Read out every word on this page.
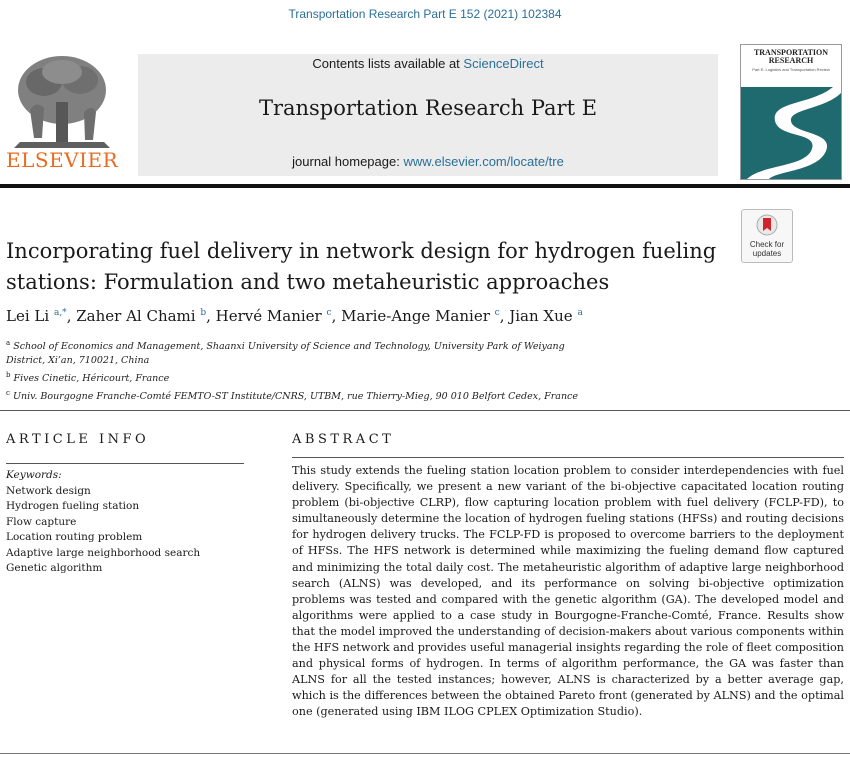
Transportation Research Part E 152 (2021) 102384
ELSEVIER
Contents lists available at ScienceDirect
Transportation Research Part E
journal homepage: www.elsevier.com/locate/tre
TRANSPORTATION
RESEARCH
Part E: Logistics and Transportation Review
Check for
updates
Incorporating fuel delivery in network design for hydrogen fueling stations: Formulation and two metaheuristic approaches
Lei Li $^{a,*}$, Zaher Al Chami $^b$, Hervé Manier $^c$, Marie-Ange Manier $^c$, Jian Xue $^a$
$^a$ School of Economics and Management, Shaanxi University of Science and Technology, University Park of Weiyang
District, Xi’an, 710021, China
$^b$ Fives Cinetic, Héricourt, France
$^c$ Univ. Bourgogne Franche-Comté FEMTO-ST Institute/CNRS, UTBM, rue Thierry-Mieg, 90 010 Belfort Cedex, France
ARTICLE INFO	ABSTRACT
Keywords:
Network design
Hydrogen fueling station
Flow capture
Location routing problem
Adaptive large neighborhood search
Genetic algorithm

This study extends the fueling station location problem to consider interdependencies with fuel delivery. Specifically, we present a new variant of the bi-objective capacitated location routing problem (bi-objective CLRP), flow capturing location problem with fuel delivery (FCLP-FD), to simultaneously determine the location of hydrogen fueling stations (HFSs) and routing decisions for hydrogen delivery trucks. The FCLP-FD is proposed to overcome barriers to the deployment of HFSs. The HFS network is determined while maximizing the fueling demand flow captured and minimizing the total daily cost. The metaheuristic algorithm of adaptive large neighborhood search (ALNS) was developed, and its performance on solving bi-objective optimization problems was tested and compared with the genetic algorithm (GA). The developed model and algorithms were applied to a case study in Bourgogne-Franche-Comté, France. Results show that the model improved the understanding of decision-makers about various components within the HFS network and provides useful managerial insights regarding the role of fleet composition and physical forms of hydrogen. In terms of algorithm performance, the GA was faster than ALNS for all the tested instances; however, ALNS is characterized by a better average gap, which is the differences between the obtained Pareto front (generated by ALNS) and the optimal one (generated using IBM ILOG CPLEX Optimization Studio).
